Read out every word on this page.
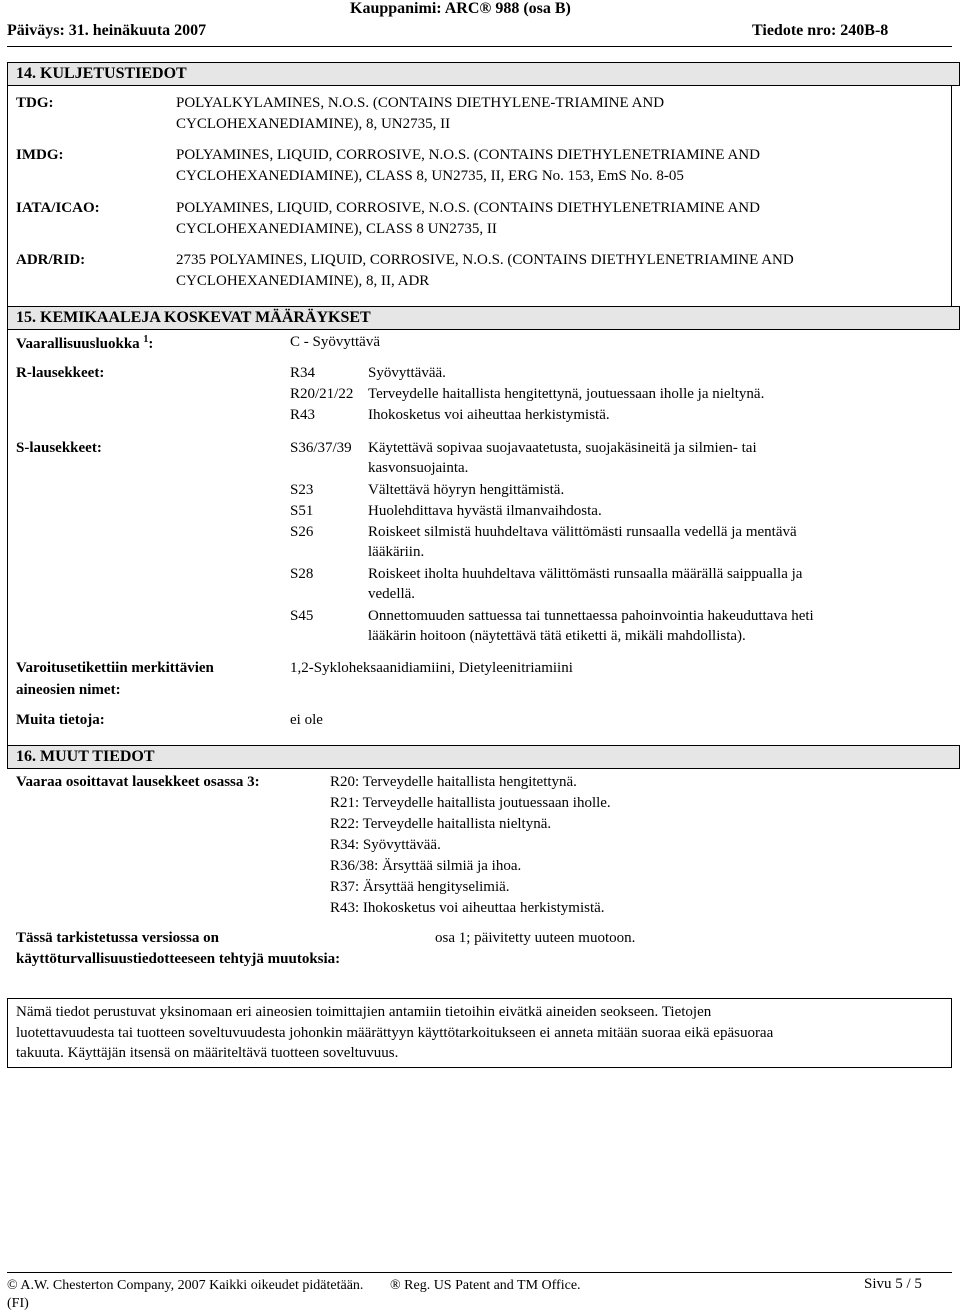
Päiväys: 31. heinäkuuta 2007
Kauppanimi: ARC® 988 (osa B)
Tiedote nro: 240B-8
14. KULJETUSTIEDOT
TDG:	POLYALKYLAMINES, N.O.S. (CONTAINS DIETHYLENE-TRIAMINE AND
CYCLOHEXANEDIAMINE), 8, UN2735, II
IMDG:	POLYAMINES, LIQUID, CORROSIVE, N.O.S. (CONTAINS DIETHYLENETRIAMINE AND
CYCLOHEXANEDIAMINE), CLASS 8, UN2735, II, ERG No. 153, EmS No. 8-05
IATA/ICAO:	POLYAMINES, LIQUID, CORROSIVE, N.O.S. (CONTAINS DIETHYLENETRIAMINE AND
CYCLOHEXANEDIAMINE), CLASS 8 UN2735, II
ADR/RID:	2735 POLYAMINES, LIQUID, CORROSIVE, N.O.S. (CONTAINS DIETHYLENETRIAMINE AND
CYCLOHEXANEDIAMINE), 8, II, ADR
15. KEMIKAALEJA KOSKEVAT MÄÄRÄYKSET
Vaarallisuusluokka $^1$:	C - Syövyttävä
R-lausekkeet:	R34	Syövyttävää.
R20/21/22 Terveydelle haitallista hengitettynä, joutuessaan iholle ja nieltynä.
R43	Ihokosketus voi aiheuttaa herkistymistä.
S-lausekkeet:	S36/37/39 Käytettävä sopivaa suojavaatetusta, suojakäsineitä ja silmien- tai
kasvonsuojainta.
S23	Vältettävä höyryn hengittämistä.
S51	Huolehdittava hyvästä ilmanvaihdosta.
S26	Roiskeet silmistä huuhdeltava välittömästi runsaalla vedellä ja mentävä
lääkäriin.
S28	Roiskeet iholta huuhdeltava välittömästi runsaalla määrällä saippualla ja
vedellä.
S45	Onnettomuuden sattuessa tai tunnettaessa pahoinvointia hakeuduttava heti
lääkärin hoitoon (näytettävä tätä etiketti ä, mikäli mahdollista).
Varoitusetikettiin merkittävien
aineosien nimet:
1,2-Sykloheksaanidiamiini, Dietyleenitriamiini
Muita tietoja:	ei ole
16. MUUT TIEDOT
Vaaraa osoittavat lausekkeet osassa 3:	R20: Terveydelle haitallista hengitettynä.
R21: Terveydelle haitallista joutuessaan iholle.
R22: Terveydelle haitallista nieltynä.
R34: Syövyttävää.
R36/38: Ärsyttää silmiä ja ihoa.
R37: Ärsyttää hengityselimiä.
R43: Ihokosketus voi aiheuttaa herkistymistä.
Tässä tarkistetussa versiossa on
käyttöturvallisuustiedotteeseen tehtyjä muutoksia:
osa 1; päivitetty uuteen muotoon.
Nämä tiedot perustuvat yksinomaan eri aineosien toimittajien antamiin tietoihin eivätkä aineiden seokseen. Tietojen
luotettavuudesta tai tuotteen soveltuvuudesta johonkin määrättyyn käyttötarkoitukseen ei anneta mitään suoraa eikä epäsuoraa
takuuta. Käyttäjän itsensä on määriteltävä tuotteen soveltuvuus.
© A.W. Chesterton Company, 2007 Kaikki oikeudet pidätetään. ® Reg. US Patent and TM Office.	Sivu 5 / 5
(FI)
